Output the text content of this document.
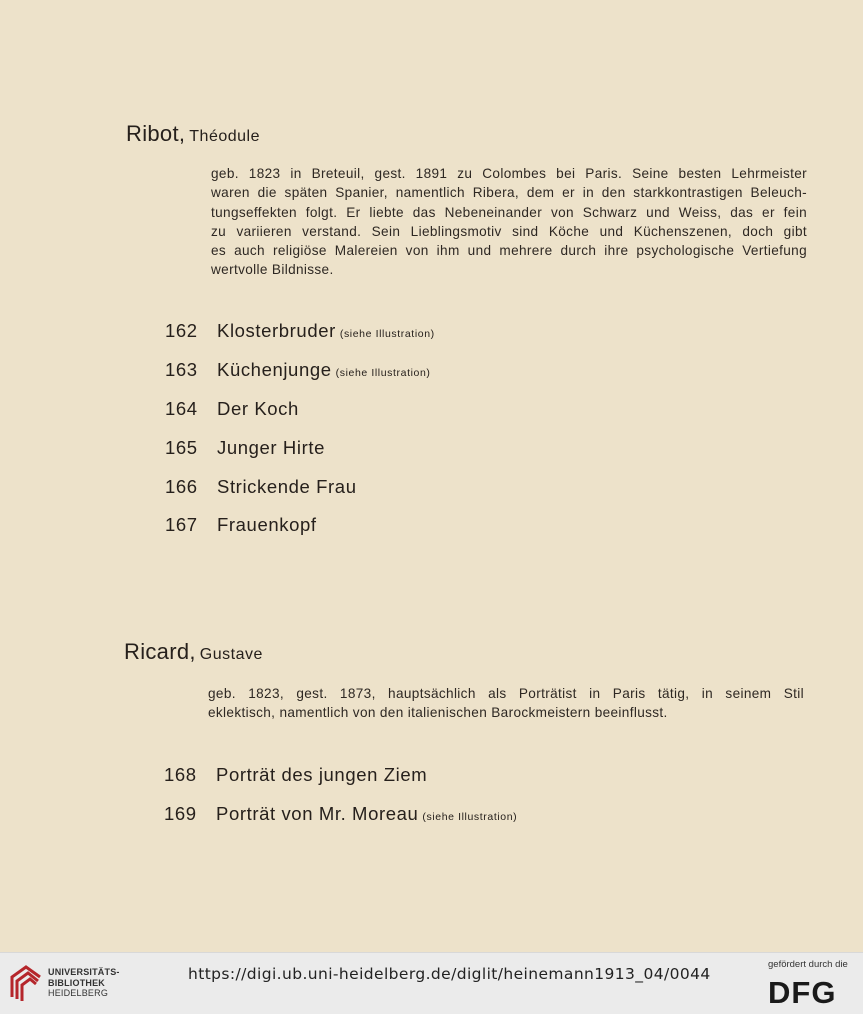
Ribot, Théodule
geb. 1823 in Breteuil, gest. 1891 zu Colombes bei Paris. Seine besten Lehrmeister
waren die späten Spanier, namentlich Ribera, dem er in den starkkontrastigen Beleuch-
tungseffekten folgt. Er liebte das Nebeneinander von Schwarz und Weiss, das er fein
zu variieren verstand. Sein Lieblingsmotiv sind Köche und Küchenszenen, doch gibt
es auch religiöse Malereien von ihm und mehrere durch ihre psychologische Vertiefung
wertvolle Bildnisse.
162 Klosterbruder (siehe Illustration)
163 Küchenjunge (siehe Illustration)
164 Der Koch
165 Junger Hirte
166 Strickende Frau
167 Frauenkopf
Ricard, Gustave
geb. 1823, gest. 1873, hauptsächlich als Porträtist in Paris tätig, in seinem Stil
eklektisch, namentlich von den italienischen Barockmeistern beeinflusst.
168 Porträt des jungen Ziem
169 Porträt von Mr. Moreau (siehe Illustration)
UNIVERSITÄTS-
BIBLIOTHEK
HEIDELBERG
https://digi.ub.uni-heidelberg.de/diglit/heinemann1913_04/0044
gefördert durch die
DFG
